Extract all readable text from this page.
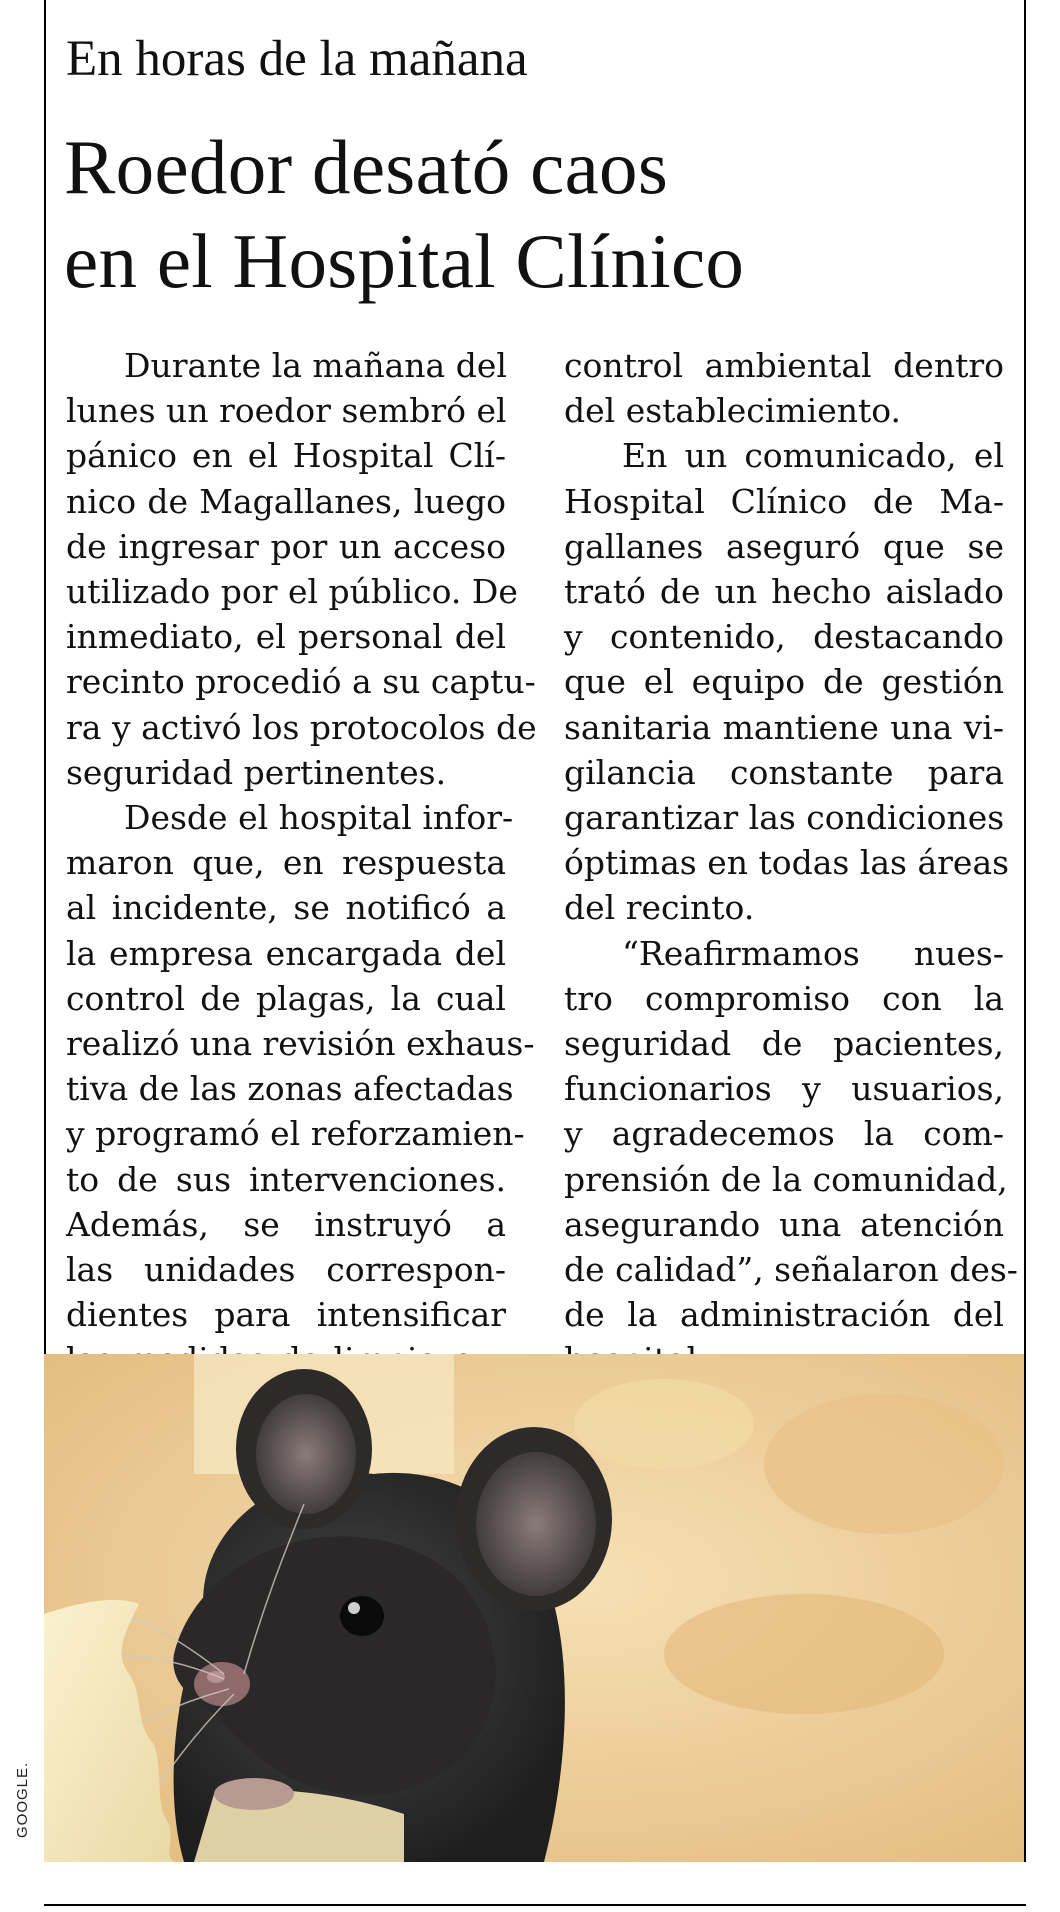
En horas de la mañana
Roedor desató caos
en el Hospital Clínico

Durante la mañana del
lunes un roedor sembró el
pánico en el Hospital Clí-
nico de Magallanes, luego
de ingresar por un acceso
utilizado por el público. De
inmediato, el personal del
recinto procedió a su captu-
ra y activó los protocolos de
seguridad pertinentes.

Desde el hospital infor-
maron que, en respuesta
al incidente, se notificó a
la empresa encargada del
control de plagas, la cual
realizó una revisión exhaus-
tiva de las zonas afectadas
y programó el reforzamien-
to de sus intervenciones.
Además, se instruyó a
las unidades correspon-
dientes para intensificar

control ambiental dentro
del establecimiento.

En un comunicado, el
Hospital Clínico de Ma-
gallanes aseguró que se
trató de un hecho aislado
y contenido, destacando
que el equipo de gestión
sanitaria mantiene una vi-
gilancia constante para
garantizar las condiciones
óptimas en todas las áreas
del recinto.

“Reafirmamos nues-
tro compromiso con la
seguridad de pacientes,
funcionarios y usuarios,
y agradecemos la com-
prensión de la comunidad,
asegurando una atención
de calidad”, señalaron des-
de la administración del

GOOGLE.
